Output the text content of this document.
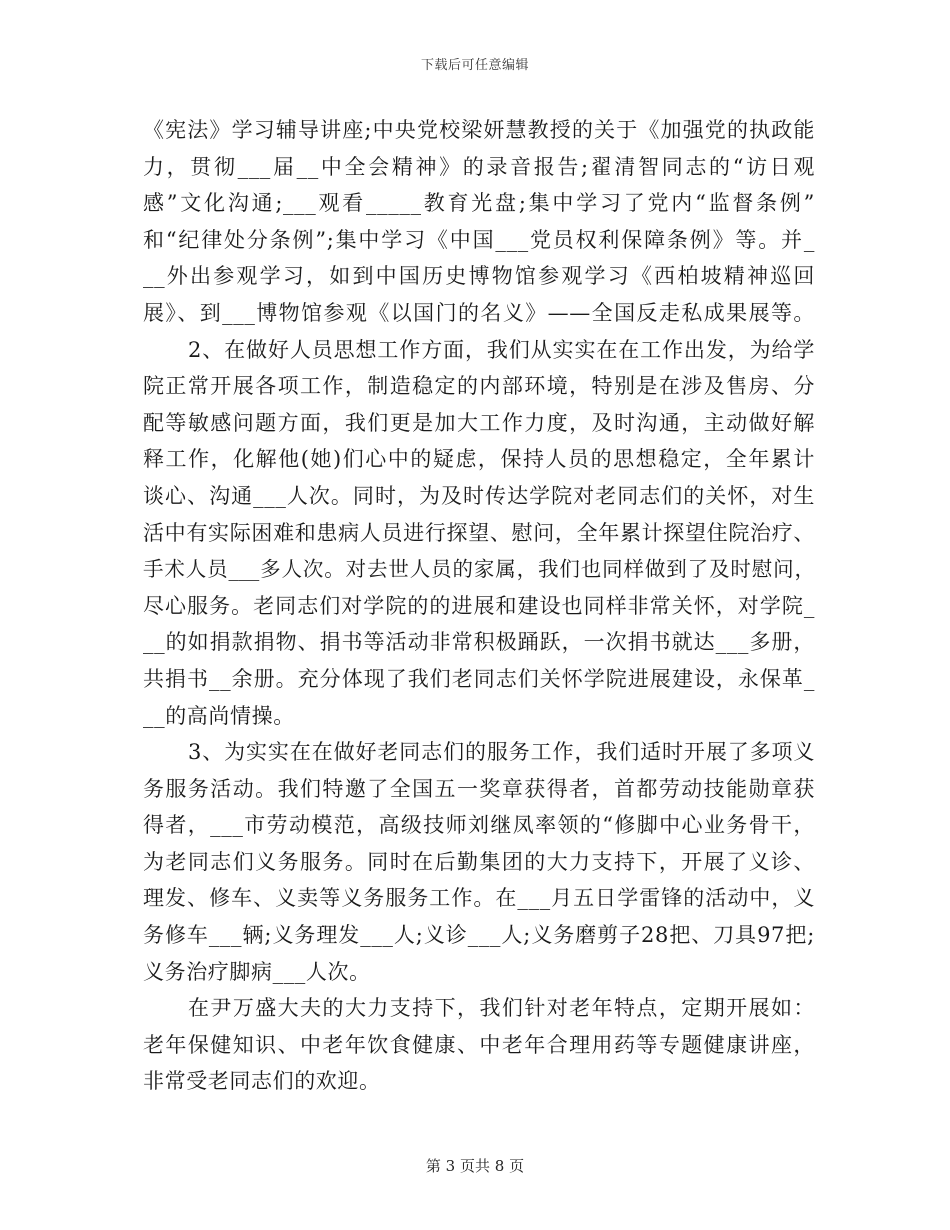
下载后可任意编辑
《宪法》学习辅导讲座;中央党校梁妍慧教授的关于《加强党的执政能
力，贯彻___届__中全会精神》的录音报告;翟清智同志的“访日观
感”文化沟通;___观看_____教育光盘;集中学习了党内“监督条例”
和“纪律处分条例”;集中学习《中国___党员权利保障条例》等。并_
__外出参观学习，如到中国历史博物馆参观学习《西柏坡精神巡回
展》、到___博物馆参观《以国门的名义》——全国反走私成果展等。
2、在做好人员思想工作方面，我们从实实在在工作出发，为给学
院正常开展各项工作，制造稳定的内部环境，特别是在涉及售房、分
配等敏感问题方面，我们更是加大工作力度，及时沟通，主动做好解
释工作，化解他(她)们心中的疑虑，保持人员的思想稳定，全年累计
谈心、沟通___人次。同时，为及时传达学院对老同志们的关怀，对生
活中有实际困难和患病人员进行探望、慰问，全年累计探望住院治疗、
手术人员___多人次。对去世人员的家属，我们也同样做到了及时慰问，
尽心服务。老同志们对学院的的进展和建设也同样非常关怀，对学院_
__的如捐款捐物、捐书等活动非常积极踊跃，一次捐书就达___多册，
共捐书__余册。充分体现了我们老同志们关怀学院进展建设，永保革_
__的高尚情操。
3、为实实在在做好老同志们的服务工作，我们适时开展了多项义
务服务活动。我们特邀了全国五一奖章获得者，首都劳动技能勋章获
得者，___市劳动模范，高级技师刘继凤率领的“修脚中心业务骨干，
为老同志们义务服务。同时在后勤集团的大力支持下，开展了义诊、
理发、修车、义卖等义务服务工作。在___月五日学雷锋的活动中，义
务修车___辆;义务理发___人;义诊___人;义务磨剪子28把、刀具97把;
义务治疗脚病___人次。
在尹万盛大夫的大力支持下，我们针对老年特点，定期开展如：
老年保健知识、中老年饮食健康、中老年合理用药等专题健康讲座，
非常受老同志们的欢迎。
第 3 页共 8 页
